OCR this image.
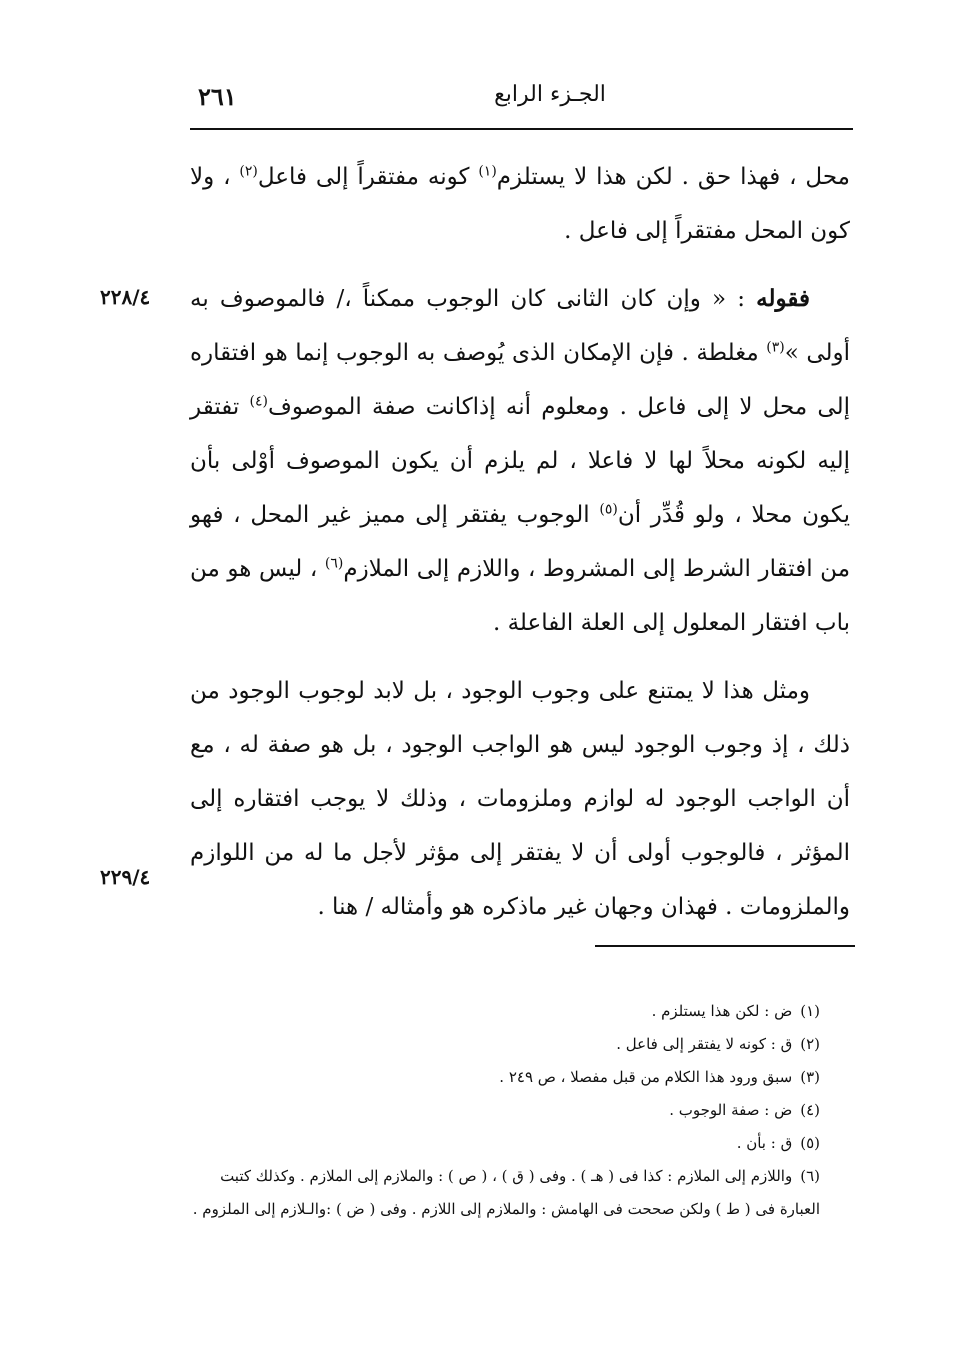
٢٦١	الجـزء الرابع

محل ، فهذا حق . لكن هذا لا يستلزم$^{(١)}$ كونه مفتقراً إلى فاعل$^{(٢)}$ ، ولا كون المحل مفتقراً إلى فاعل .

فقوله : « وإن كان الثانى كان الوجوب ممكناً ،/ فالموصوف به أولى »$^{(٣)}$ مغلطة . فإن الإمكان الذى يُوصف به الوجوب إنما هو افتقاره إلى محل لا إلى فاعل . ومعلوم أنه إذاكانت صفة الموصوف$^{(٤)}$ تفتقر إليه لكونه محلاً لها لا فاعلا ، لم يلزم أن يكون الموصوف أوْلى بأن يكون محلا ، ولو قُدِّر أن$^{(٥)}$ الوجوب يفتقر إلى مميز غير المحل ، فهو من افتقار الشرط إلى المشروط ، واللازم إلى الملازم$^{(٦)}$ ، ليس هو من باب افتقار المعلول إلى العلة الفاعلة .

ومثل هذا لا يمتنع على وجوب الوجود ، بل لابد لوجوب الوجود من ذلك ، إذ وجوب الوجود ليس هو الواجب الوجود ، بل هو صفة له ، مع أن الواجب الوجود له لوازم وملزومات ، وذلك لا يوجب افتقاره إلى المؤثر ، فالوجوب أولى أن لا يفتقر إلى مؤثر لأجل ما له من اللوازم والملزومات . فهذان وجهان غير ماذكره هو وأمثاله / هنا .

٢٢٨/٤
٢٢٩/٤

(١)ض : لكن هذا يستلزم .

(٢)ق : كونه لا يفتقر إلى فاعل .

(٣)سبق ورود هذا الكلام من قبل مفصلا ، ص ٢٤٩ .

(٤)ض : صفة الوجوب .

(٥)ق : بأن .

(٦)واللازم إلى الملازم : كذا فى ( هـ ) . وفى ( ق ) ، ( ص ) : والملازم إلى الملازم . وكذلك كتبت العبارة فى ( ط ) ولكن صححت فى الهامش : والملازم إلى اللازم . وفى ( ض ) :والـلازم إلى الملزوم .
